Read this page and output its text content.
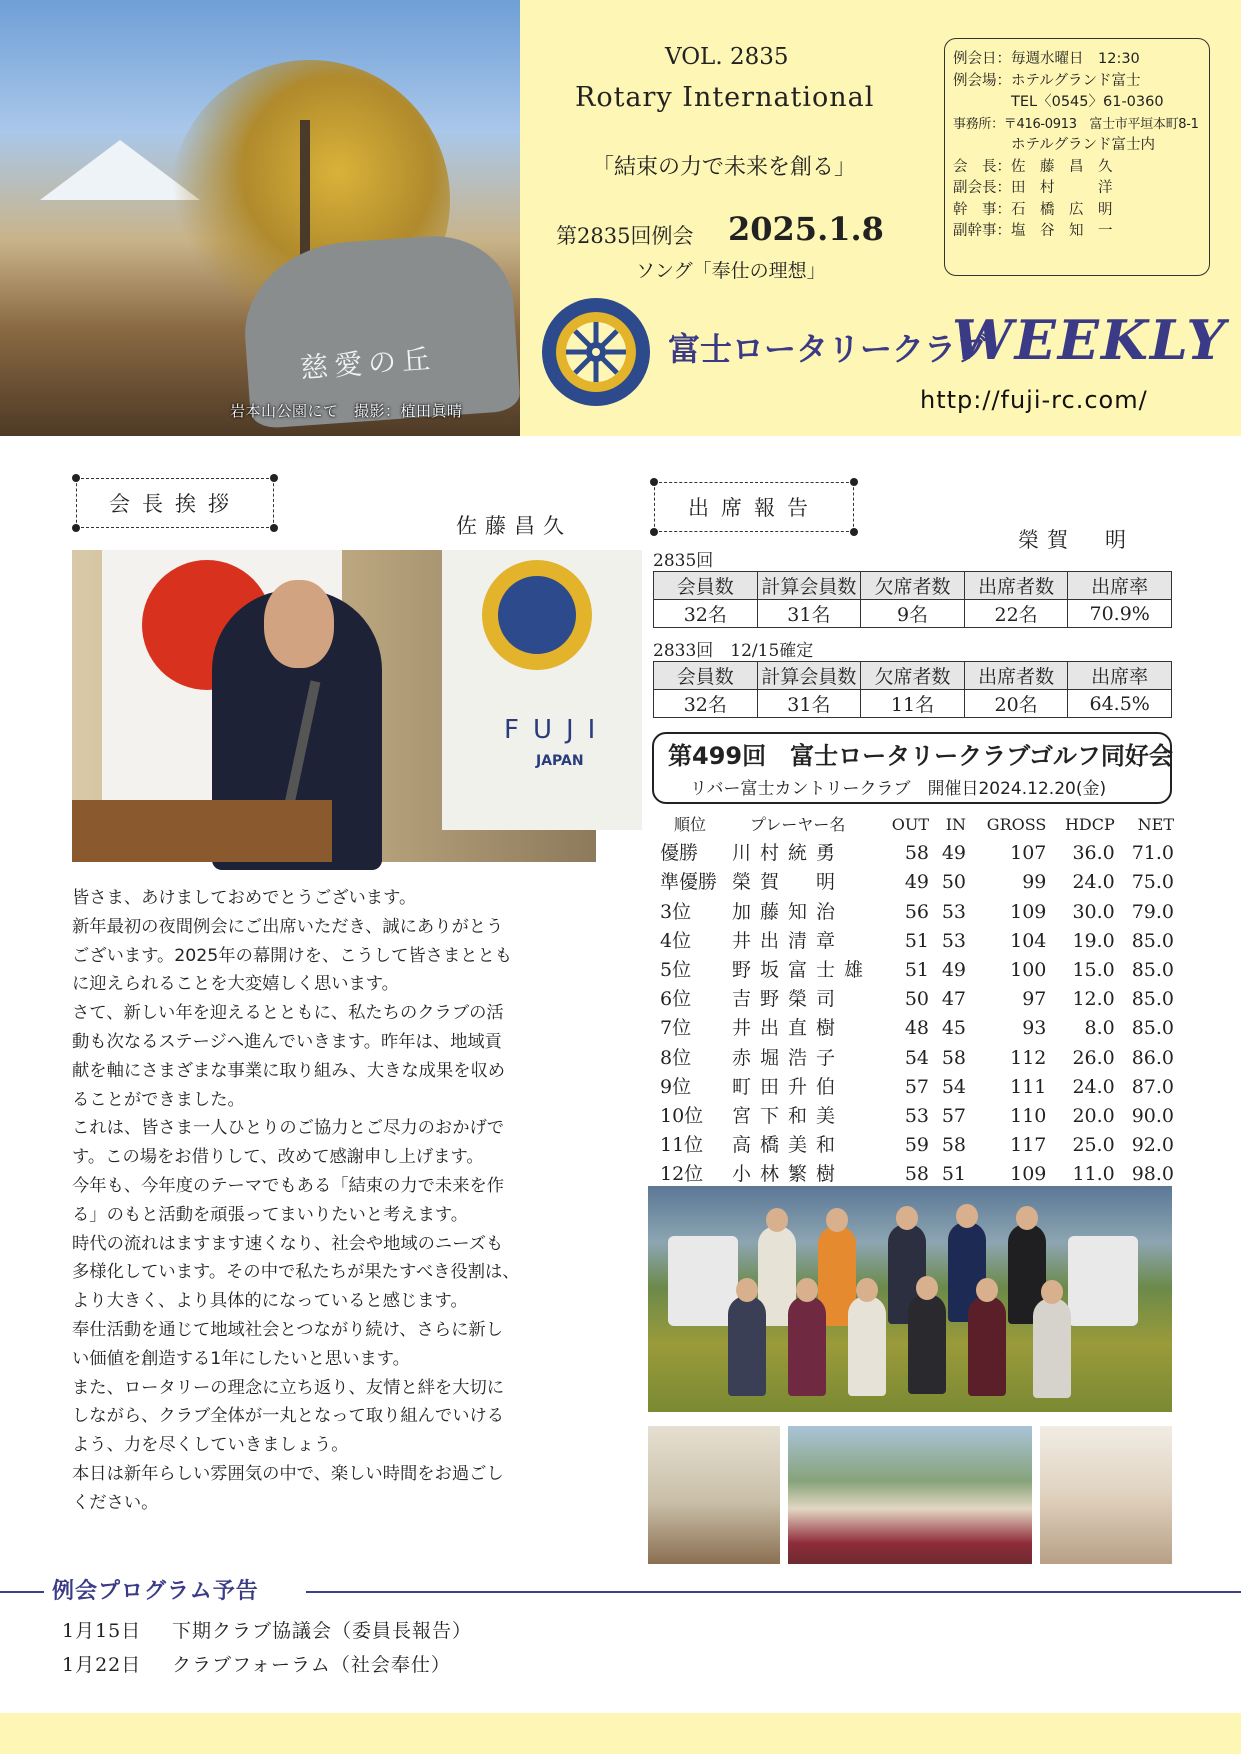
慈愛の丘
岩本山公園にて　撮影：植田眞晴
VOL. 2835
Rotary International
「結束の力で未来を創る」
第2835回例会 2025.1.8
ソング「奉仕の理想」
例会日：毎週水曜日　12:30
例会場：ホテルグランド富士
　　　　TEL〈0545〉61-0360
事務所：〒416-0913　富士市平垣本町8-1
　　　　ホテルグランド富士内
会　長：佐　藤　昌　久
副会長：田　村　　　洋
幹　事：石　橋　広　明
副幹事：塩　谷　知　一
富士ロータリークラブ
WEEKLY
http://fuji-rc.com/
会長挨拶
佐藤昌久
FUJI
JAPAN

皆さま、あけましておめでとうございます。

新年最初の夜間例会にご出席いただき、誠にありがとう

ございます。2025年の幕開けを、こうして皆さまととも

に迎えられることを大変嬉しく思います。

さて、新しい年を迎えるとともに、私たちのクラブの活

動も次なるステージへ進んでいきます。昨年は、地域貢

献を軸にさまざまな事業に取り組み、大きな成果を収め

ることができました。

これは、皆さま一人ひとりのご協力とご尽力のおかげで

す。この場をお借りして、改めて感謝申し上げます。

今年も、今年度のテーマでもある「結束の力で未来を作

る」のもと活動を頑張ってまいりたいと考えます。

時代の流れはますます速くなり、社会や地域のニーズも

多様化しています。その中で私たちが果たすべき役割は、

より大きく、より具体的になっていると感じます。

奉仕活動を通じて地域社会とつながり続け、さらに新し

い価値を創造する1年にしたいと思います。

また、ロータリーの理念に立ち返り、友情と絆を大切に

しながら、クラブ全体が一丸となって取り組んでいける

よう、力を尽くしていきましょう。

本日は新年らしい雰囲気の中で、楽しい時間をお過ごし

ください。

出席報告
榮賀　明
2835回
会員数	計算会員数	欠席者数	出席者数	出席率
32名	31名	9名	22名	70.9%
2833回　12/15確定
会員数	計算会員数	欠席者数	出席者数	出席率
32名	31名	11名	20名	64.5%
第499回　富士ロータリークラブゴルフ同好会
リバー富士カントリークラブ　開催日2024.12.20(金)
順位	プレーヤー名	OUT	IN	GROSS	HDCP	NET
優勝	川村統勇	58	49	107	36.0	71.0
準優勝	榮賀　明	49	50	99	24.0	75.0
3位	加藤知治	56	53	109	30.0	79.0
4位	井出清章	51	53	104	19.0	85.0
5位	野坂富士雄	51	49	100	15.0	85.0
6位	吉野榮司	50	47	97	12.0	85.0
7位	井出直樹	48	45	93	8.0	85.0
8位	赤堀浩子	54	58	112	26.0	86.0
9位	町田升伯	57	54	111	24.0	87.0
10位	宮下和美	53	57	110	20.0	90.0
11位	高橋美和	59	58	117	25.0	92.0
12位	小林繁樹	58	51	109	11.0	98.0
例会プログラム予告
1月15日 下期クラブ協議会（委員長報告）
1月22日 クラブフォーラム（社会奉仕）
